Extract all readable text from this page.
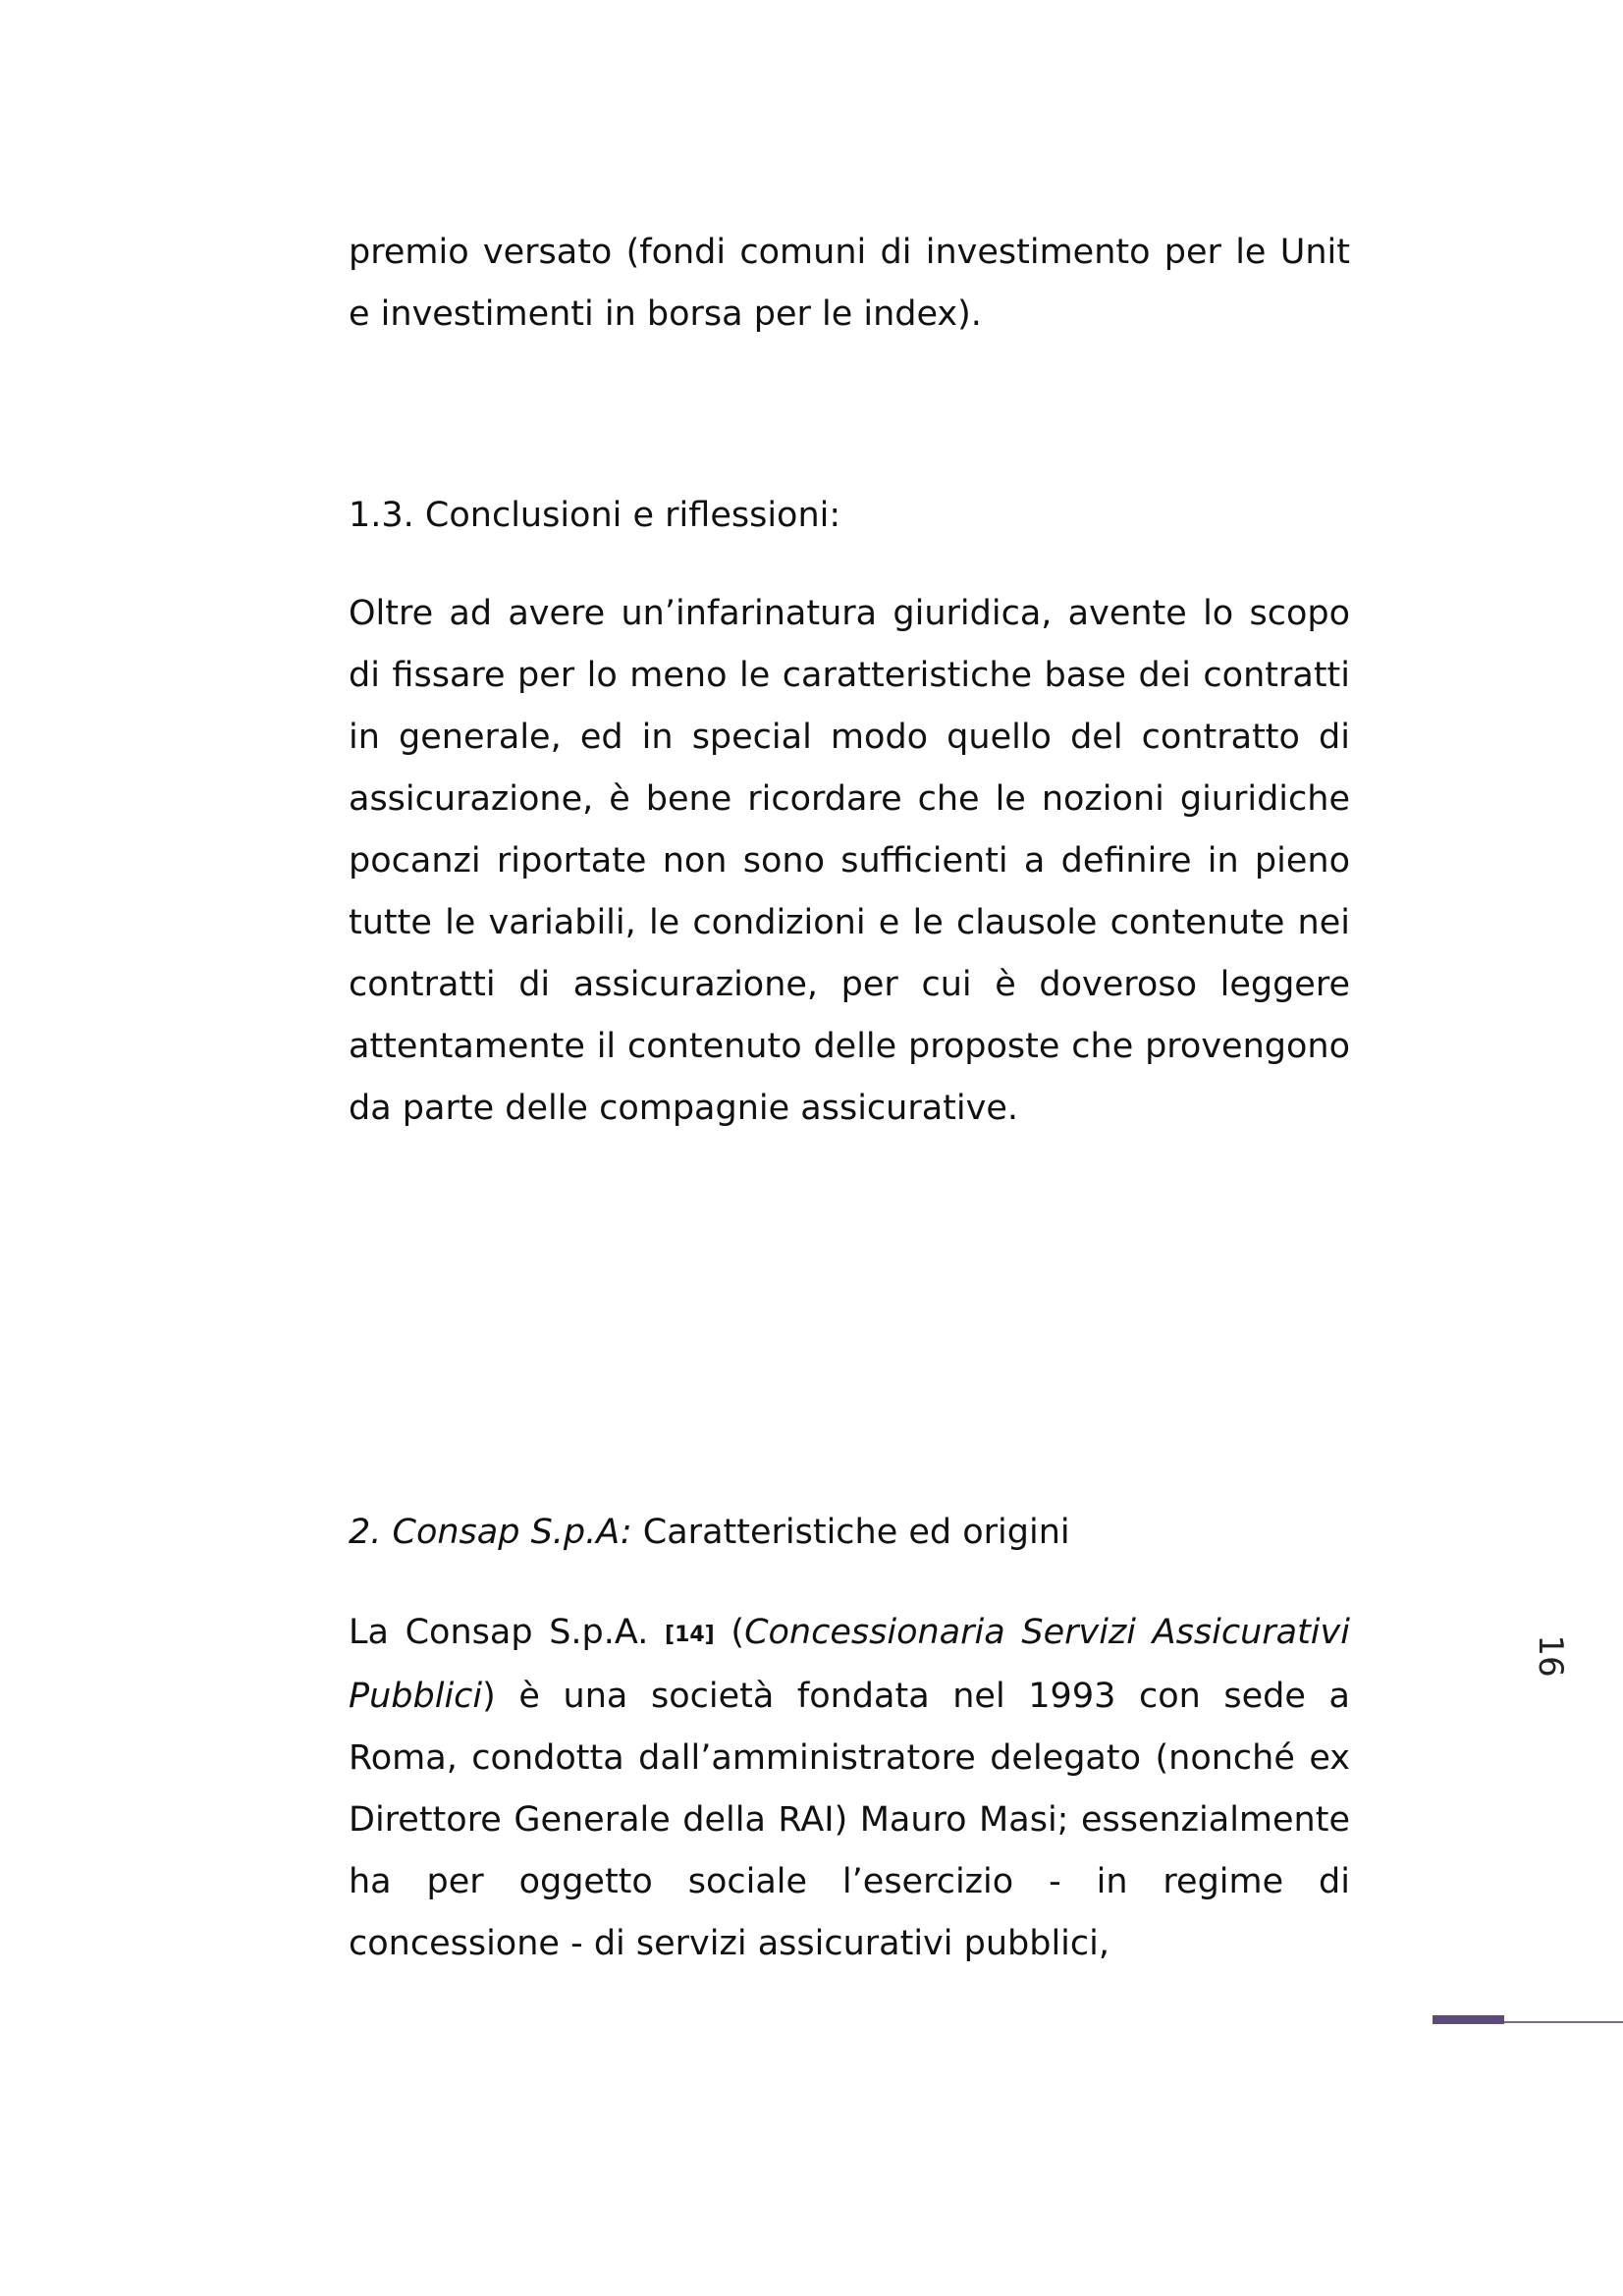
premio versato (fondi comuni di investimento per le Unit e investimenti in borsa per le index).

1.3. Conclusioni e riflessioni:

Oltre ad avere un’infarinatura giuridica, avente lo scopo di fissare per lo meno le caratteristiche base dei contratti in generale, ed in special modo quello del contratto di assicurazione, è bene ricordare che le nozioni giuridiche pocanzi riportate non sono sufficienti a definire in pieno tutte le variabili, le condizioni e le clausole contenute nei contratti di assicurazione, per cui è doveroso leggere attentamente il contenuto delle proposte che provengono da parte delle compagnie assicurative.

2. Consap S.p.A: Caratteristiche ed origini

La Consap S.p.A. [14] (Concessionaria Servizi Assicurativi Pubblici) è una società fondata nel 1993 con sede a Roma, condotta dall’amministratore delegato (nonché ex Direttore Generale della RAI) Mauro Masi; essenzialmente ha per oggetto sociale l’esercizio - in regime di concessione - di servizi assicurativi pubblici,

16
